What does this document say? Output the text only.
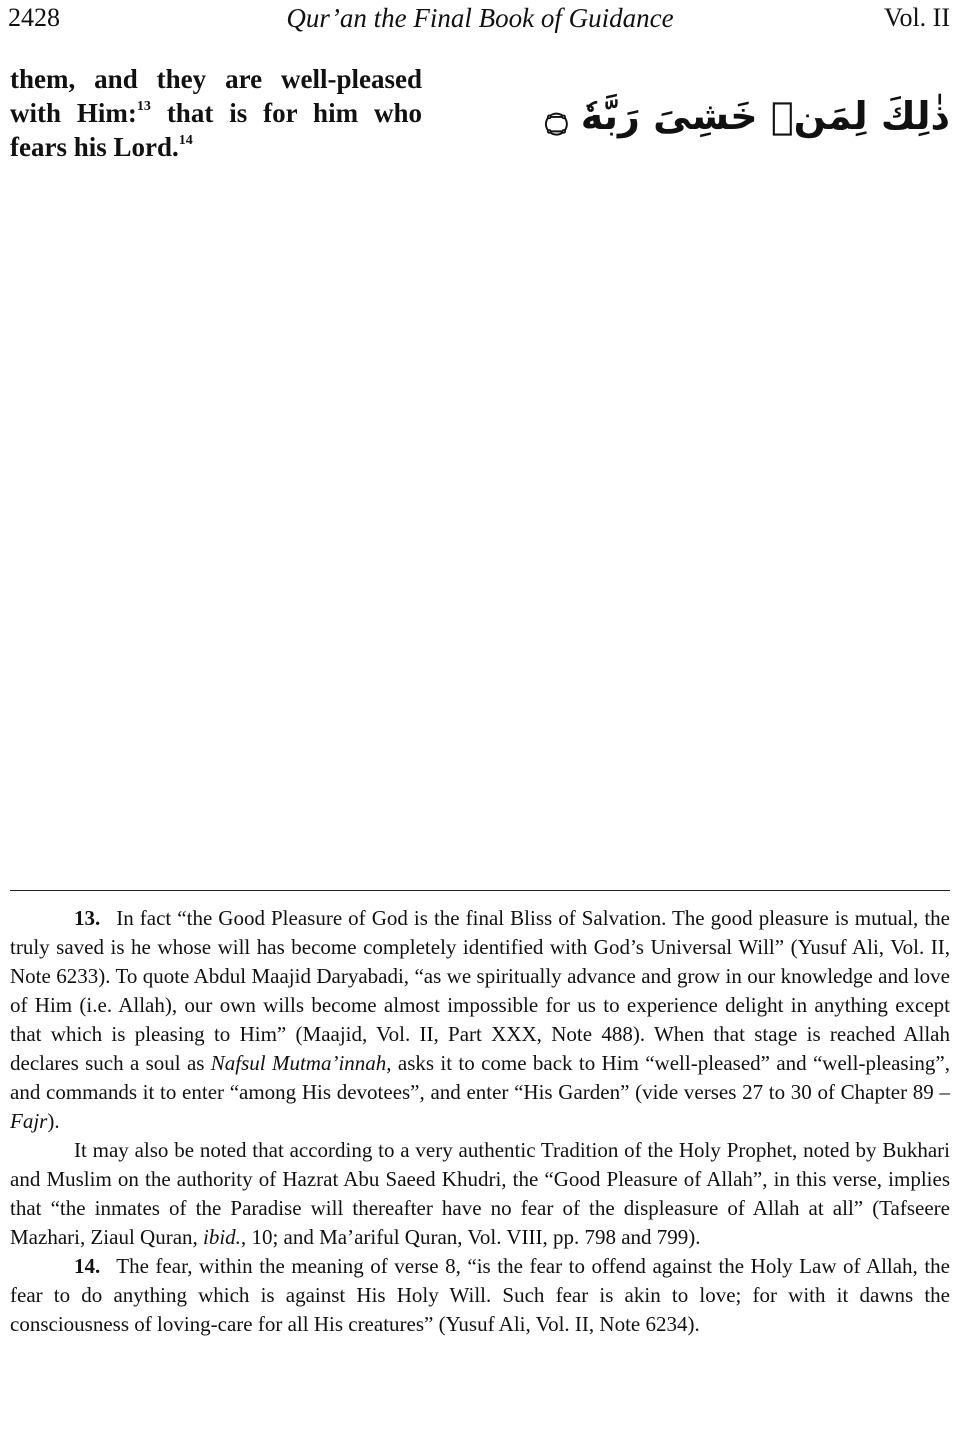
2428	Qur’an the Final Book of Guidance	Vol. II
them, and they are well-pleased
with Him:$^{13}$ that is for him who
fears his Lord.$^{14}$
ﺫٰﻟِﻚَ ﻟِﻤَﻦۡ ﺧَﺸِﻰَ ﺭَﺑَّﻪٗ ۝

13. In fact “the Good Pleasure of God is the final Bliss of Salvation. The good pleasure is mutual, the truly saved is he whose will has become completely identified with God’s Universal Will” (Yusuf Ali, Vol. II, Note 6233). To quote Abdul Maajid Daryabadi, “as we spiritually advance and grow in our knowledge and love of Him (i.e. Allah), our own wills become almost impossible for us to experience delight in anything except that which is pleasing to Him” (Maajid, Vol. II, Part XXX, Note 488). When that stage is reached Allah declares such a soul as Nafsul Mutma’innah, asks it to come back to Him “well-pleased” and “well-pleasing”, and commands it to enter “among His devotees”, and enter “His Garden” (vide verses 27 to 30 of Chapter 89 – Fajr).

It may also be noted that according to a very authentic Tradition of the Holy Prophet, noted by Bukhari and Muslim on the authority of Hazrat Abu Saeed Khudri, the “Good Pleasure of Allah”, in this verse, implies that “the inmates of the Paradise will thereafter have no fear of the displeasure of Allah at all” (Tafseere Mazhari, Ziaul Quran, ibid., 10; and Ma’ariful Quran, Vol. VIII, pp. 798 and 799).

14. The fear, within the meaning of verse 8, “is the fear to offend against the Holy Law of Allah, the fear to do anything which is against His Holy Will. Such fear is akin to love; for with it dawns the consciousness of loving-care for all His creatures” (Yusuf Ali, Vol. II, Note 6234).
